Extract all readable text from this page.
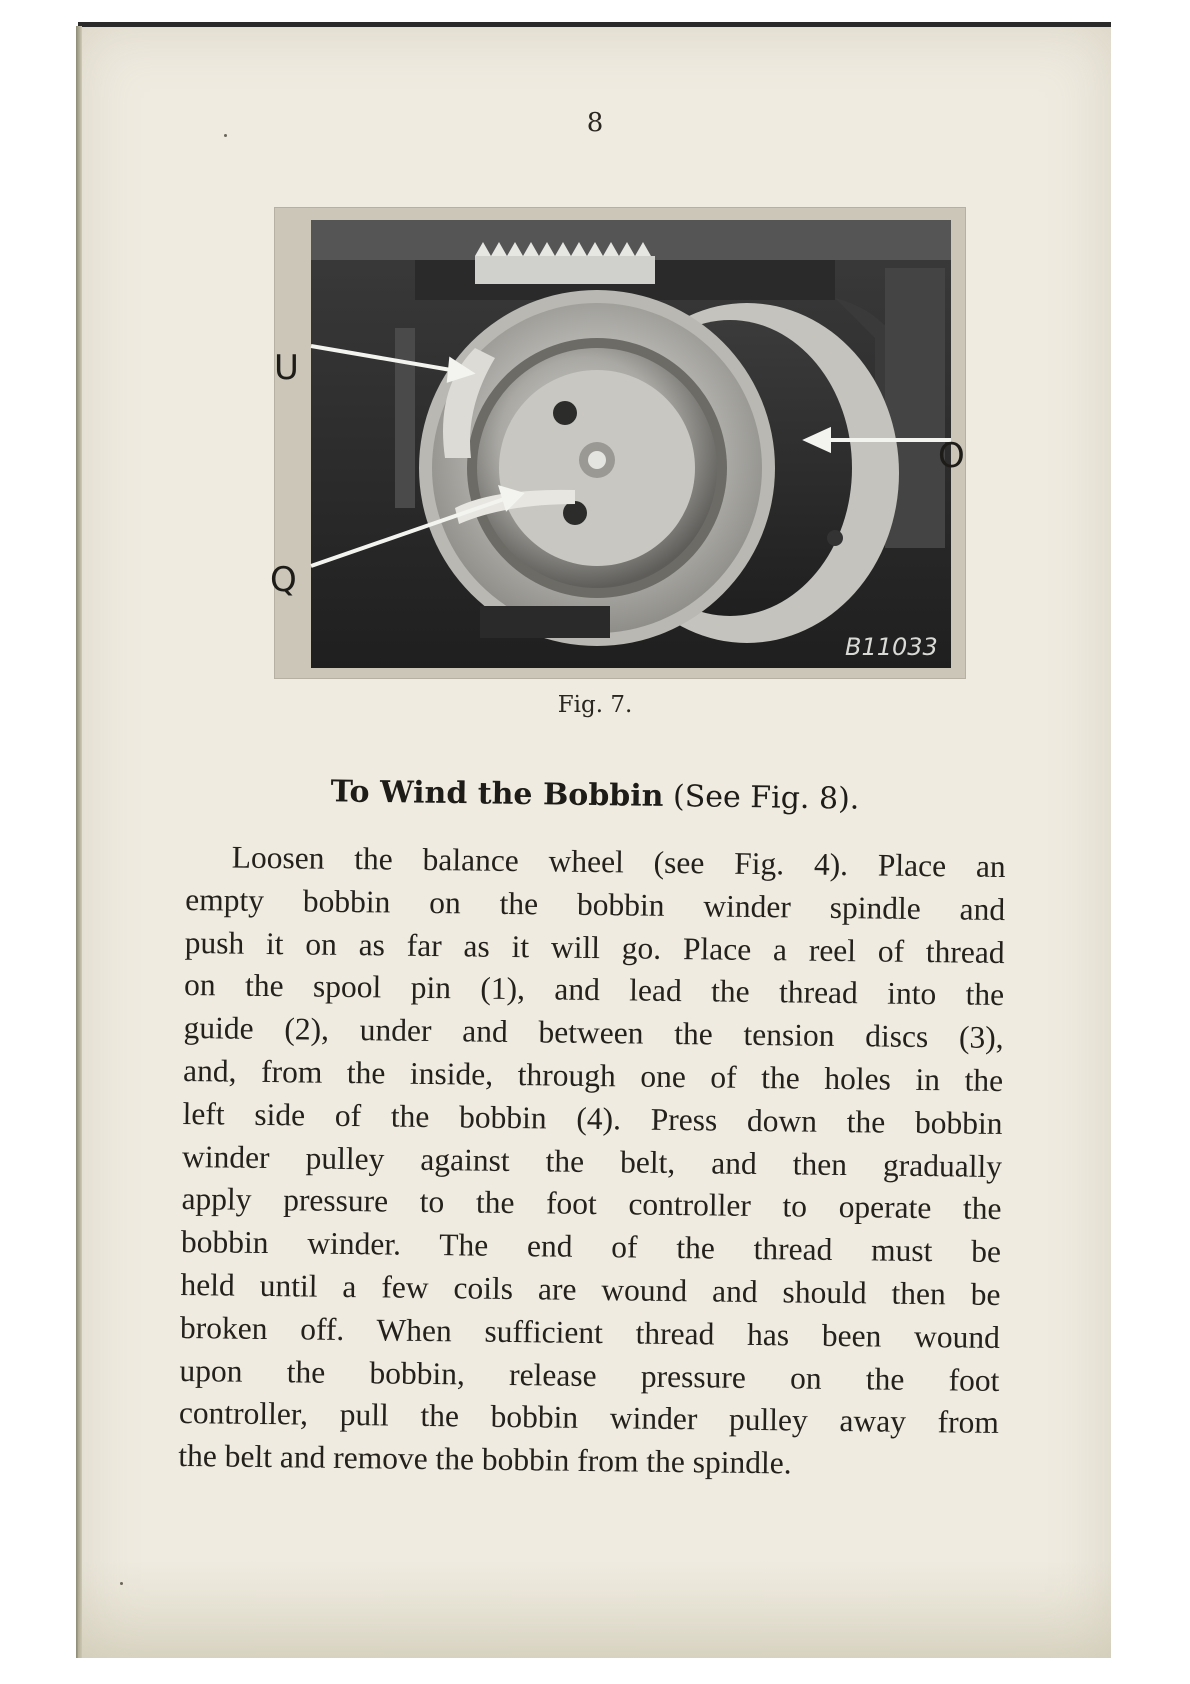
8
B11033
U
O
Q
Fig. 7.
To Wind the Bobbin (See Fig. 8).
Loosen the balance wheel (see Fig. 4). Place an
empty bobbin on the bobbin winder spindle and
push it on as far as it will go. Place a reel of thread
on the spool pin (1), and lead the thread into the
guide (2), under and between the tension discs (3),
and, from the inside, through one of the holes in the
left side of the bobbin (4). Press down the bobbin
winder pulley against the belt, and then gradually
apply pressure to the foot controller to operate the
bobbin winder. The end of the thread must be
held until a few coils are wound and should then be
broken off. When sufficient thread has been wound
upon the bobbin, release pressure on the foot
controller, pull the bobbin winder pulley away from
the belt and remove the bobbin from the spindle.
